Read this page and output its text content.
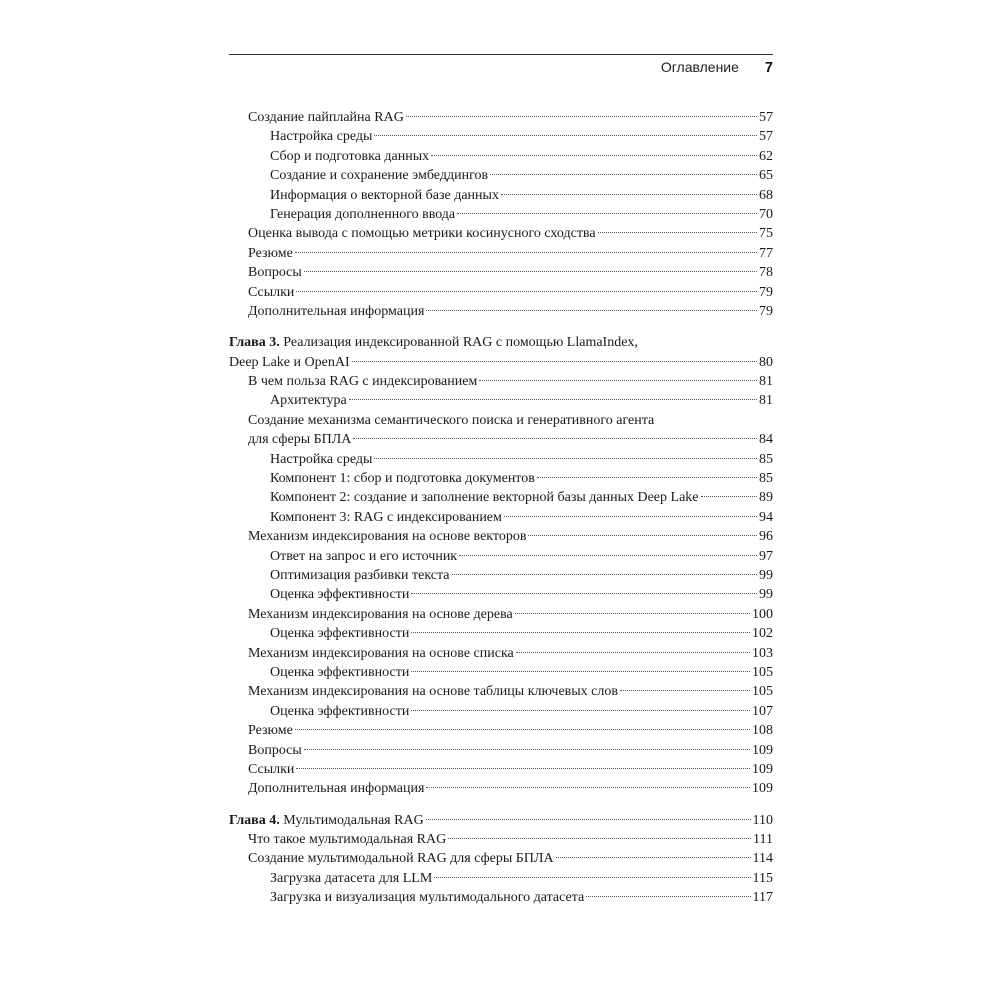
Оглавление 7
Создание пайплайна RAG	57
Настройка среды	57
Сбор и подготовка данных	62
Создание и сохранение эмбеддингов	65
Информация о векторной базе данных	68
Генерация дополненного ввода	70
Оценка вывода с помощью метрики косинусного сходства	75
Резюме	77
Вопросы	78
Ссылки	79
Дополнительная информация	79
Глава 3. Реализация индексированной RAG с помощью LlamaIndex,
Deep Lake и OpenAI	80
В чем польза RAG с индексированием	81
Архитектура	81
Создание механизма семантического поиска и генеративного агента
для сферы БПЛА	84
Настройка среды	85
Компонент 1: сбор и подготовка документов	85
Компонент 2: создание и заполнение векторной базы данных Deep Lake	89
Компонент 3: RAG с индексированием	94
Механизм индексирования на основе векторов	96
Ответ на запрос и его источник	97
Оптимизация разбивки текста	99
Оценка эффективности	99
Механизм индексирования на основе дерева	100
Оценка эффективности	102
Механизм индексирования на основе списка	103
Оценка эффективности	105
Механизм индексирования на основе таблицы ключевых слов	105
Оценка эффективности	107
Резюме	108
Вопросы	109
Ссылки	109
Дополнительная информация	109
Глава 4. Мультимодальная RAG	110
Что такое мультимодальная RAG	111
Создание мультимодальной RAG для сферы БПЛА	114
Загрузка датасета для LLM	115
Загрузка и визуализация мультимодального датасета	117
